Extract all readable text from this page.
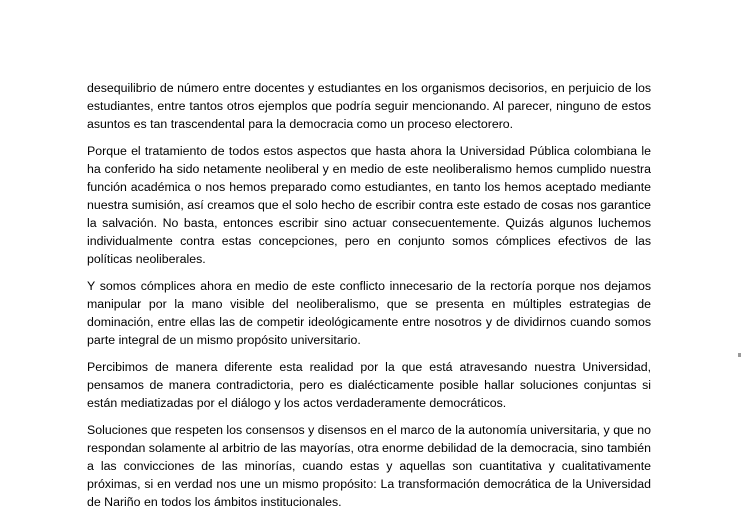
desequilibrio de número entre docentes y estudiantes en los organismos decisorios, en perjuicio de los estudiantes, entre tantos otros ejemplos que podría seguir mencionando. Al parecer, ninguno de estos asuntos es tan trascendental para la democracia como un proceso electorero.

Porque el tratamiento de todos estos aspectos que hasta ahora la Universidad Pública colombiana le ha conferido ha sido netamente neoliberal y en medio de este neoliberalismo hemos cumplido nuestra función académica o nos hemos preparado como estudiantes, en tanto los hemos aceptado mediante nuestra sumisión, así creamos que el solo hecho de escribir contra este estado de cosas nos garantice la salvación. No basta, entonces escribir sino actuar consecuentemente. Quizás algunos luchemos individualmente contra estas concepciones, pero en conjunto somos cómplices efectivos de las políticas neoliberales.

Y somos cómplices ahora en medio de este conflicto innecesario de la rectoría porque nos dejamos manipular por la mano visible del neoliberalismo, que se presenta en múltiples estrategias de dominación, entre ellas las de competir ideológicamente entre nosotros y de dividirnos cuando somos parte integral de un mismo propósito universitario.

Percibimos de manera diferente esta realidad por la que está atravesando nuestra Universidad, pensamos de manera contradictoria, pero es dialécticamente posible hallar soluciones conjuntas si están mediatizadas por el diálogo y los actos verdaderamente democráticos.

Soluciones que respeten los consensos y disensos en el marco de la autonomía universitaria, y que no respondan solamente al arbitrio de las mayorías, otra enorme debilidad de la democracia, sino también a las convicciones de las minorías, cuando estas y aquellas son cuantitativa y cualitativamente próximas, si en verdad nos une un mismo propósito: La transformación democrática de la Universidad de Nariño en todos los ámbitos institucionales.
